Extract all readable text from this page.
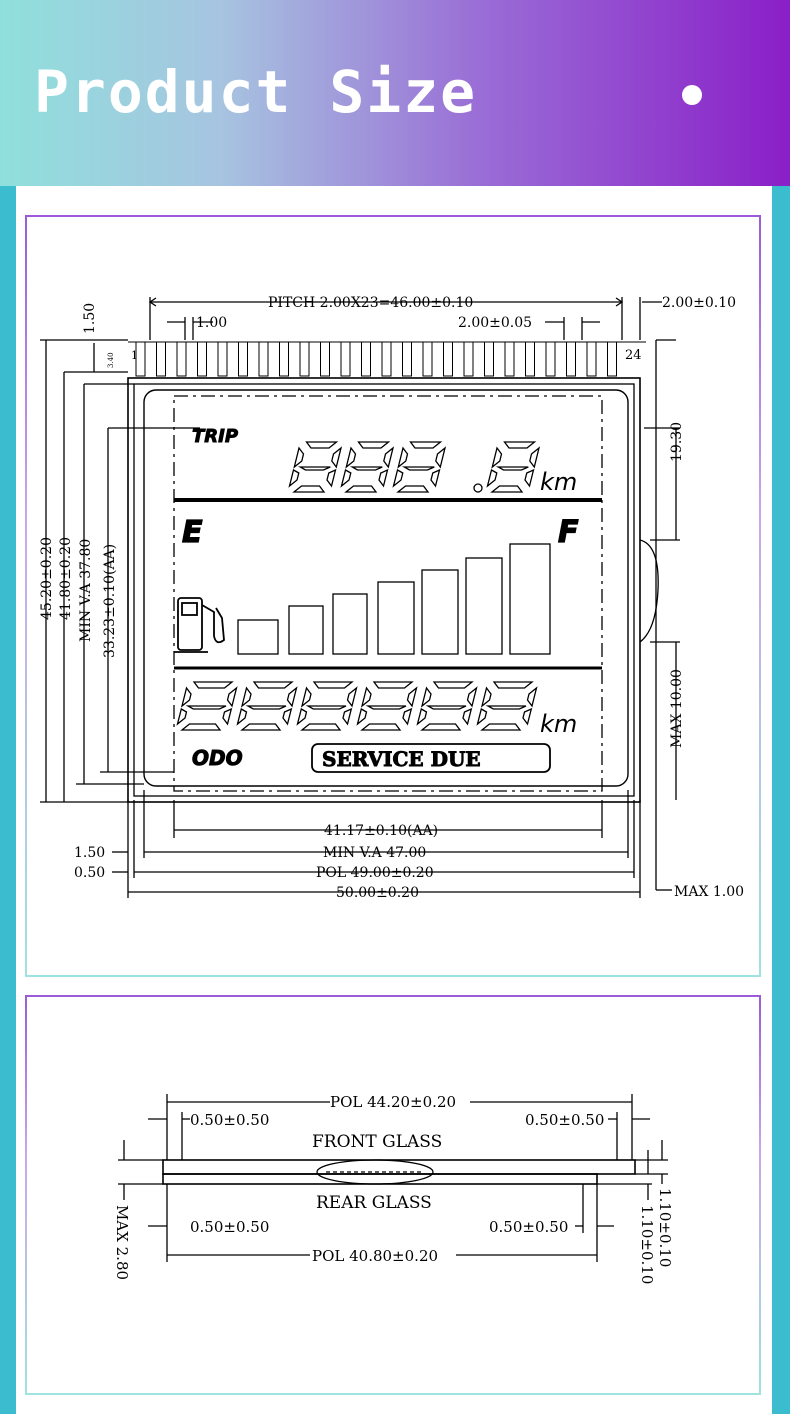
Product Size
PITCH 2.00X23=46.00±0.10
1.00	2.00±0.05
2.00±0.10
1	24
1.50
3.40
45.20±0.20 41.80±0.20 MIN V.A 37.80 33.23±0.10(AA)
19.30
MAX 10.00
41.17±0.10(AA)
MIN V.A 47.00
POL 49.00±0.20
50.00±0.20
1.50
0.50
MAX 1.00
TRIP
km
E	F
km
ODO	SERVICE DUE
POL 44.20±0.20
0.50±0.50	0.50±0.50
FRONT GLASS
REAR GLASS
0.50±0.50	0.50±0.50
POL 40.80±0.20
MAX 2.80	1.10±0.10
1.10±0.10
